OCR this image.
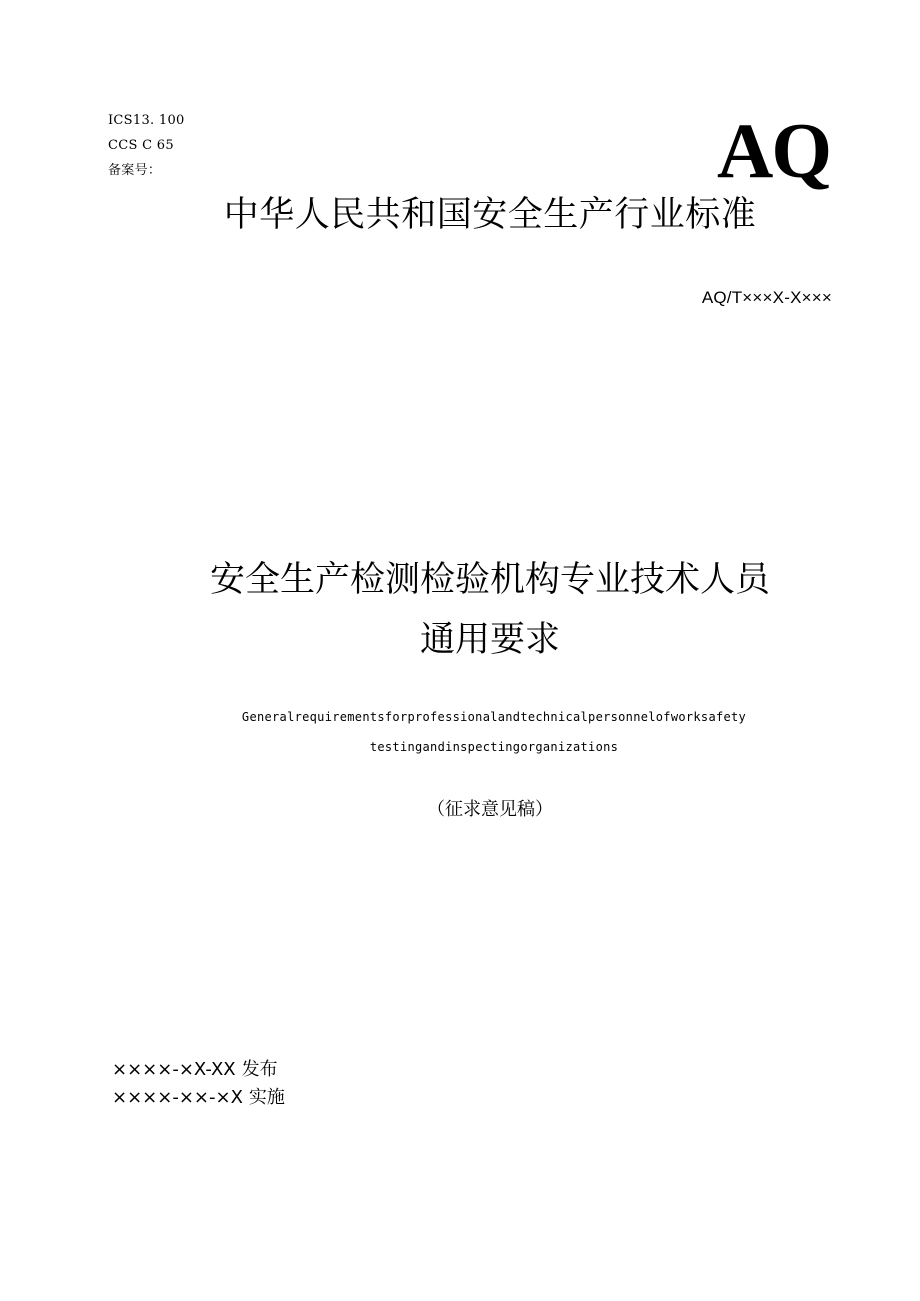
ICS13. 100
CCS C 65
备案号：	AQ
中华人民共和国安全生产行业标准
AQ/T×××X-X×××
安全生产检测检验机构专业技术人员
通用要求
Generalrequirementsforprofessionalandtechnicalpersonnelofworksafety
testingandinspectingorganizations
（征求意见稿）
××××-×X-XX 发布
××××-××-×X 实施
